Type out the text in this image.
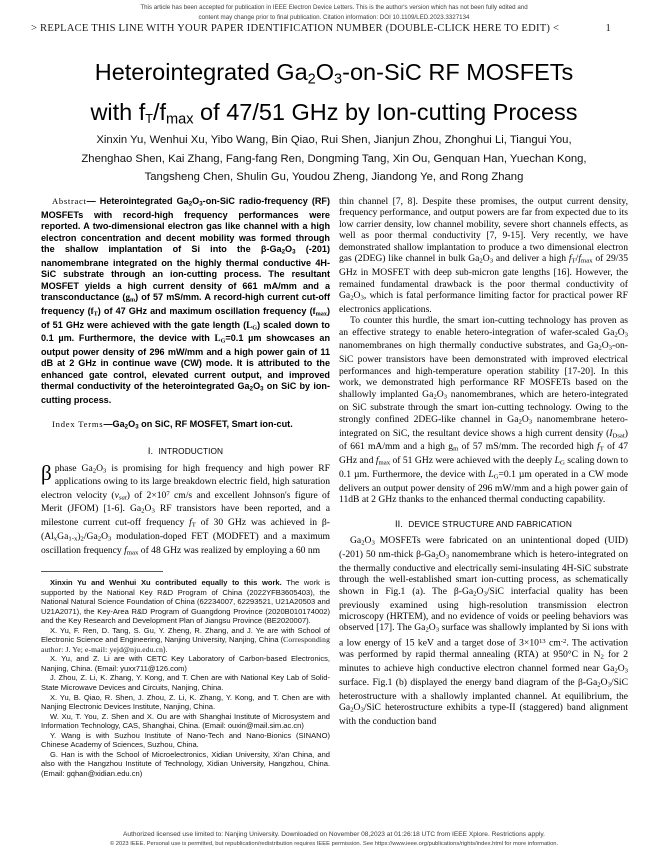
This article has been accepted for publication in IEEE Electron Device Letters. This is the author's version which has not been fully edited and
content may change prior to final publication. Citation information: DOI 10.1109/LED.2023.3327134
1
> REPLACE THIS LINE WITH YOUR PAPER IDENTIFICATION NUMBER (DOUBLE-CLICK HERE TO EDIT) <
Heterointegrated $Ga_2O_3-on$-SiC RF MOSFETs
with $fT/f_{max}$ of 47/51 GHz by Ion-cutting Process
Xinxin Yu, Wenhui Xu, Yibo Wang, Bin Qiao, Rui Shen, Jianjun Zhou, Zhonghui Li, Tiangui You,
Zhenghao Shen, Kai Zhang, Fang-fang Ren, Dongming Tang, Xin Ou, Genquan Han, Yuechan Kong,
Tangsheng Chen, Shulin Gu, Youdou Zheng, Jiandong Ye, and Rong Zhang

Abstract— Heterointegrated $Ga_2O_3-on$-SiC radio-frequency (RF) MOSFETs with record-high frequency performances were reported. A two-dimensional electron gas like channel with a high electron concentration and decent mobility was formed through the shallow implantation of Si into the $\beta-Ga_2O_3$ (-201) nanomembrane integrated on the highly thermal conductive 4H-SiC substrate through an ion-cutting process. The resultant MOSFET yields a high current density of 661 mA/mm and a transconductance $(g_m)$ of 57 mS/mm. A record-high current cut-off frequency $(f_T)$ of 47 GHz and maximum oscillation frequency $(f_{max})$ of 51 GHz were achieved with the gate length $(L_G)$ scaled down to 0.1 µm. Furthermore, the device with $L_G=0.1$ µm showcases an output power density of 296 mW/mm and a high power gain of 11 dB at 2 GHz in continue wave (CW) mode. It is attributed to the enhanced gate control, elevated current output, and improved thermal conductivity of the heterointegrated $Ga_2O_3$ on SiC by ion-cutting process.

Index $Terms—Ga_2O_3$ on SiC, RF MOSFET, Smart ion-cut.

I. INTRODUCTION

βphase $Ga_2O_3$ is promising for high frequency and high power RF applications owing to its large breakdown electric field, high saturation electron velocity $(v_{sat})$ of $2\times 10^7$ cm/s and excellent Johnson's figure of Merit (JFOM) [1-6]. $Ga_2O_3$ RF transistors have been reported, and a milestone current cut-off frequency $f_T$ of 30 GHz was achieved in $\beta-(Al_xGa_{1-x})_2/Ga_2O_3$ modulation-doped FET (MODFET) and a maximum oscillation frequency $f_{max}$ of 48 GHz was realized by employing a 60 nm

Xinxin Yu and Wenhui Xu contributed equally to this work. The work is supported by the National Key R&D Program of China (2022YFB3605403), the National Natural Science Foundation of China (62234007, 62293521, U21A20503 and U21A2071), the Key-Area R&D Program of Guangdong Province (2020B010174002) and the Key Research and Development Plan of Jiangsu Province (BE2020007).

X. Yu, F. Ren, D. Tang, S. Gu, Y. Zheng, R. Zhang, and J. Ye are with School of Electronic Science and Engineering, Nanjing University, Nanjing, China (Corresponding author: J. Ye; e-mail: yejd@nju.edu.cn).

X. Yu, and Z. Li are with CETC Key Laboratory of Carbon-based Electronics, Nanjing, China. (Email: yuxx711@126.com)

J. Zhou, Z. Li, K. Zhang, Y. Kong, and T. Chen are with National Key Lab of Solid-State Microwave Devices and Circuits, Nanjing, China.

X. Yu, B. Qiao, R. Shen, J. Zhou, Z. Li, K. Zhang, Y. Kong, and T. Chen are with Nanjing Electronic Devices Institute, Nanjing, China.

W. Xu, T. You, Z. Shen and X. Ou are with Shanghai Institute of Microsystem and Information Technology, CAS, Shanghai, China. (Email: ouxin@mail.sim.ac.cn)

Y. Wang is with Suzhou Institute of Nano-Tech and Nano-Bionics (SINANO) Chinese Academy of Sciences, Suzhou, China.

G. Han is with the School of Microelectronics, Xidian University, Xi'an China, and also with the Hangzhou Institute of Technology, Xidian University, Hangzhou, China. (Email: gqhan@xidian.edu.cn)

thin channel [7, 8]. Despite these promises, the output current density, frequency performance, and output powers are far from expected due to its low carrier density, low channel mobility, severe short channels effects, as well as poor thermal conductivity [7, 9-15]. Very recently, we have demonstrated shallow implantation to produce a two dimensional electron gas (2DEG) like channel in bulk $Ga_2O_3$ and deliver a high $f_T/f_{max}$ of 29/35 GHz in MOSFET with deep sub-micron gate lengths [16]. However, the remained fundamental drawback is the poor thermal conductivity of $Ga_2O_3$, which is fatal performance limiting factor for practical power RF electronics applications.

To counter this hurdle, the smart ion-cutting technology has proven as an effective strategy to enable hetero-integration of wafer-scaled $Ga_2O_3$ nanomembranes on high thermally conductive substrates, and $Ga_2O_3-on$-SiC power transistors have been demonstrated with improved electrical performances and high-temperature operation stability [17-20]. In this work, we demonstrated high performance RF MOSFETs based on the shallowly implanted $Ga_2O_3$ nanomembranes, which are hetero-integrated on SiC substrate through the smart ion-cutting technology. Owing to the strongly confined 2DEG-like channel in $Ga_2O_3$ nanomembrane hetero-integrated on SiC, the resultant device shows a high current density $(I_{Dsat})$ of 661 mA/mm and a high $g_m$ of 57 mS/mm. The recorded high $f_T$ of 47 GHz and $f_{max}$ of 51 GHz were achieved with the deeply $L_G$ scaling down to 0.1 µm. Furthermore, the device with $L_G=0.1$ µm operated in a CW mode delivers an output power density of 296 mW/mm and a high power gain of 11dB at 2 GHz thanks to the enhanced thermal conducting capability.

II. DEVICE STRUCTURE AND FABRICATION

$Ga_2O_3$ MOSFETs were fabricated on an unintentional doped (UID) (-201) 50 nm-thick $\beta-Ga_2O_3$ nanomembrane which is hetero-integrated on the thermally conductive and electrically semi-insulating 4H-SiC substrate through the well-established smart ion-cutting process, as schematically shown in Fig.1 (a). The $\beta-Ga_2O_3$/SiC interfacial quality has been previously examined using high-resolution transmission electron microscopy (HRTEM), and no evidence of voids or peeling behaviors was observed [17]. The $Ga_2O_3$ surface was shallowly implanted by Si ions with a low energy of 15 keV and a target dose of $3\times 10^{13}$ $cm^{-2}$. The activation was performed by rapid thermal annealing (RTA) at 950°C in $N_2$ for 2 minutes to achieve high conductive electron channel formed near $Ga_2O_3$ surface. Fig.1 (b) displayed the energy band diagram of the $\beta-Ga_2O_3$/SiC heterostructure with a shallowly implanted channel. At equilibrium, the $Ga_2O_3$/SiC heterostructure exhibits a type-II (staggered) band alignment with the conduction band

Authorized licensed use limited to: Nanjing University. Downloaded on November 08,2023 at 01:26:18 UTC from IEEE Xplore. Restrictions apply.
© 2023 IEEE. Personal use is permitted, but republication/redistribution requires IEEE permission. See https://www.ieee.org/publications/rights/index.html for more information.
